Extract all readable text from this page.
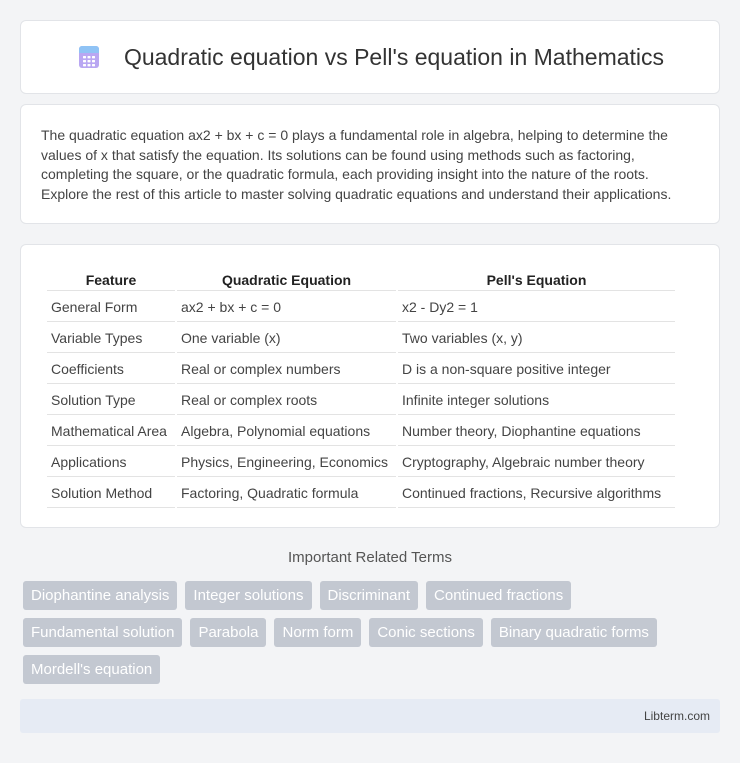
Quadratic equation vs Pell's equation in Mathematics

The quadratic equation ax2 + bx + c = 0 plays a fundamental role in algebra, helping to determine the values of x that satisfy the equation. Its solutions can be found using methods such as factoring, completing the square, or the quadratic formula, each providing insight into the nature of the roots. Explore the rest of this article to master solving quadratic equations and understand their applications.

Feature	Quadratic Equation	Pell's Equation
General Form	ax2 + bx + c = 0	x2 - Dy2 = 1
Variable Types	One variable (x)	Two variables (x, y)
Coefficients	Real or complex numbers	D is a non-square positive integer
Solution Type	Real or complex roots	Infinite integer solutions
Mathematical Area	Algebra, Polynomial equations	Number theory, Diophantine equations
Applications	Physics, Engineering, Economics	Cryptography, Algebraic number theory
Solution Method	Factoring, Quadratic formula	Continued fractions, Recursive algorithms
Important Related Terms
Diophantine analysis	Integer solutions	Discriminant	Continued fractions
Fundamental solution	Parabola	Norm form	Conic sections	Binary quadratic forms
Mordell's equation
Libterm.com
